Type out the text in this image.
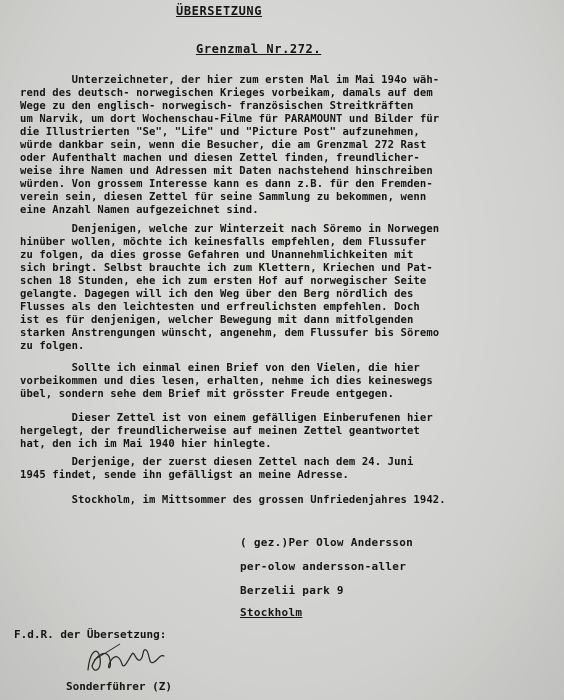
ÜBERSETZUNG
Grenzmal Nr.272.
Unterzeichneter, der hier zum ersten Mal im Mai 194o wäh-
rend des deutsch- norwegischen Krieges vorbeikam, damals auf dem
Wege zu den englisch- norwegisch- französischen Streitkräften
um Narvik, um dort Wochenschau-Filme für PARAMOUNT und Bilder für
die Illustrierten "Se", "Life" und "Picture Post" aufzunehmen,
würde dankbar sein, wenn die Besucher, die am Grenzmal 272 Rast
oder Aufenthalt machen und diesen Zettel finden, freundlicher-
weise ihre Namen und Adressen mit Daten nachstehend hinschreiben
würden. Von grossem Interesse kann es dann z.B. für den Fremden-
verein sein, diesen Zettel für seine Sammlung zu bekommen, wenn
eine Anzahl Namen aufgezeichnet sind.
Denjenigen, welche zur Winterzeit nach Söremo in Norwegen
hinüber wollen, möchte ich keinesfalls empfehlen, dem Flussufer
zu folgen, da dies grosse Gefahren und Unannehmlichkeiten mit
sich bringt. Selbst brauchte ich zum Klettern, Kriechen und Pat-
schen 18 Stunden, ehe ich zum ersten Hof auf norwegischer Seite
gelangte. Dagegen will ich den Weg über den Berg nördlich des
Flusses als den leichtesten und erfreulichsten empfehlen. Doch
ist es für denjenigen, welcher Bewegung mit dann mitfolgenden
starken Anstrengungen wünscht, angenehm, dem Flussufer bis Söremo
zu folgen.
Sollte ich einmal einen Brief von den Vielen, die hier
vorbeikommen und dies lesen, erhalten, nehme ich dies keineswegs
übel, sondern sehe dem Brief mit grösster Freude entgegen.
Dieser Zettel ist von einem gefälligen Einberufenen hier
hergelegt, der freundlicherweise auf meinen Zettel geantwortet
hat, den ich im Mai 1940 hier hinlegte.
Derjenige, der zuerst diesen Zettel nach dem 24. Juni
1945 findet, sende ihn gefälligst an meine Adresse.
Stockholm, im Mittsommer des grossen Unfriedenjahres 1942.
( gez.)Per Olow Andersson
per-olow andersson-aller
Berzelii park 9
Stockholm
F.d.R. der Übersetzung:
Sonderführer (Z)
